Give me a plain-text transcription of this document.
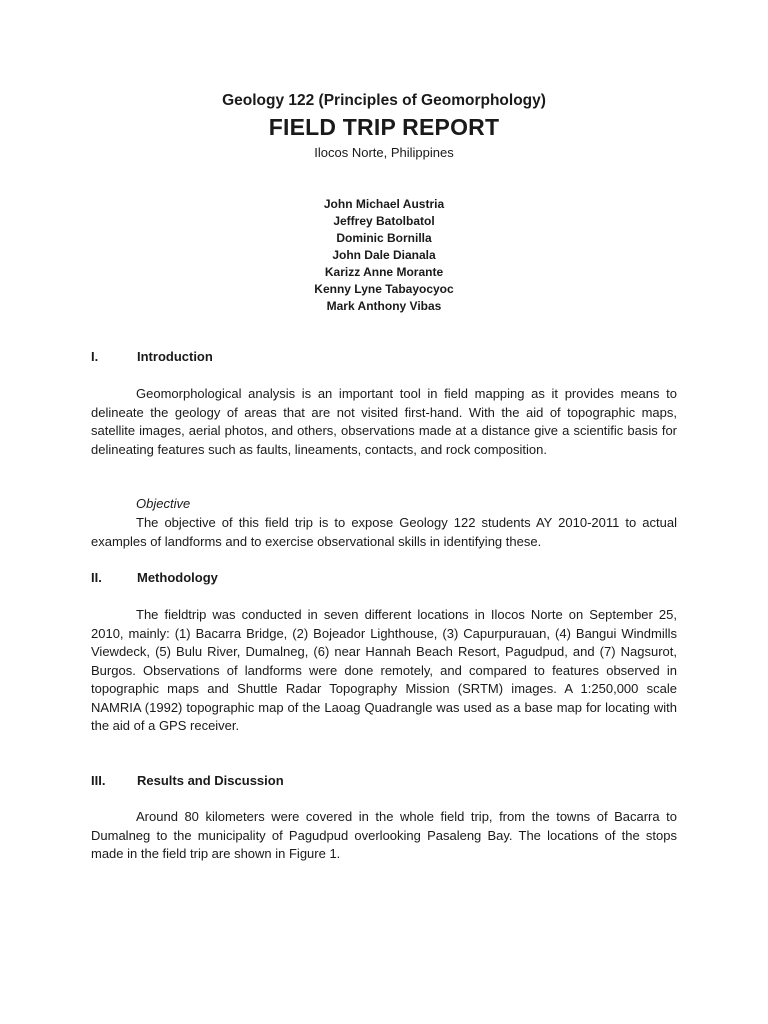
Geology 122 (Principles of Geomorphology)
FIELD TRIP REPORT
Ilocos Norte, Philippines
John Michael Austria
Jeffrey Batolbatol
Dominic Bornilla
John Dale Dianala
Karizz Anne Morante
Kenny Lyne Tabayocyoc
Mark Anthony Vibas
I.	Introduction

Geomorphological analysis is an important tool in field mapping as it provides means to delineate the geology of areas that are not visited first-hand. With the aid of topographic maps, satellite images, aerial photos, and others, observations made at a distance give a scientific basis for delineating features such as faults, lineaments, contacts, and rock composition.

Objective

The objective of this field trip is to expose Geology 122 students AY 2010-2011 to actual examples of landforms and to exercise observational skills in identifying these.

II.	Methodology

The fieldtrip was conducted in seven different locations in Ilocos Norte on September 25, 2010, mainly: (1) Bacarra Bridge, (2) Bojeador Lighthouse, (3) Capurpurauan, (4) Bangui Windmills Viewdeck, (5) Bulu River, Dumalneg, (6) near Hannah Beach Resort, Pagudpud, and (7) Nagsurot, Burgos. Observations of landforms were done remotely, and compared to features observed in topographic maps and Shuttle Radar Topography Mission (SRTM) images. A 1:250,000 scale NAMRIA (1992) topographic map of the Laoag Quadrangle was used as a base map for locating with the aid of a GPS receiver.

III. Results and Discussion

Around 80 kilometers were covered in the whole field trip, from the towns of Bacarra to Dumalneg to the municipality of Pagudpud overlooking Pasaleng Bay. The locations of the stops made in the field trip are shown in Figure 1.
